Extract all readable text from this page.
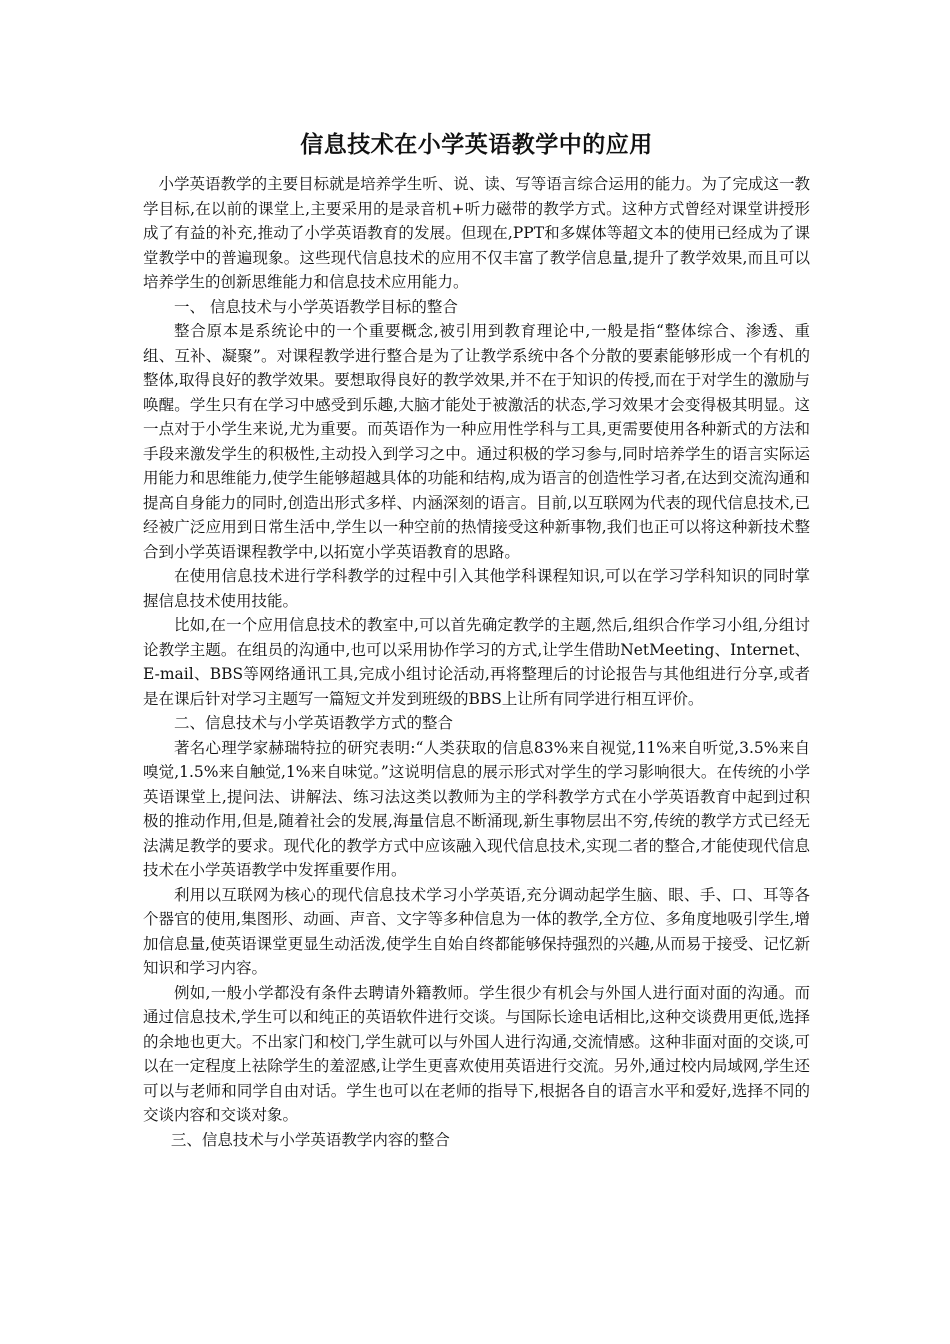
信息技术在小学英语教学中的应用

小学英语教学的主要目标就是培养学生听、说、读、写等语言综合运用的能力。为了完成这一教学目标,在以前的课堂上,主要采用的是录音机+听力磁带的教学方式。这种方式曾经对课堂讲授形成了有益的补充,推动了小学英语教育的发展。但现在,PPT和多媒体等超文本的使用已经成为了课堂教学中的普遍现象。这些现代信息技术的应用不仅丰富了教学信息量,提升了教学效果,而且可以培养学生的创新思维能力和信息技术应用能力。

一、 信息技术与小学英语教学目标的整合

整合原本是系统论中的一个重要概念,被引用到教育理论中,一般是指“整体综合、渗透、重组、互补、凝聚”。对课程教学进行整合是为了让教学系统中各个分散的要素能够形成一个有机的整体,取得良好的教学效果。要想取得良好的教学效果,并不在于知识的传授,而在于对学生的激励与唤醒。学生只有在学习中感受到乐趣,大脑才能处于被激活的状态,学习效果才会变得极其明显。这一点对于小学生来说,尤为重要。而英语作为一种应用性学科与工具,更需要使用各种新式的方法和手段来激发学生的积极性,主动投入到学习之中。通过积极的学习参与,同时培养学生的语言实际运用能力和思维能力,使学生能够超越具体的功能和结构,成为语言的创造性学习者,在达到交流沟通和提高自身能力的同时,创造出形式多样、内涵深刻的语言。目前,以互联网为代表的现代信息技术,已经被广泛应用到日常生活中,学生以一种空前的热情接受这种新事物,我们也正可以将这种新技术整合到小学英语课程教学中,以拓宽小学英语教育的思路。

在使用信息技术进行学科教学的过程中引入其他学科课程知识,可以在学习学科知识的同时掌握信息技术使用技能。

比如,在一个应用信息技术的教室中,可以首先确定教学的主题,然后,组织合作学习小组,分组讨论教学主题。在组员的沟通中,也可以采用协作学习的方式,让学生借助NetMeeting、Internet、E-mail、BBS等网络通讯工具,完成小组讨论活动,再将整理后的讨论报告与其他组进行分享,或者是在课后针对学习主题写一篇短文并发到班级的BBS上让所有同学进行相互评价。

二、信息技术与小学英语教学方式的整合

著名心理学家赫瑞特拉的研究表明:“人类获取的信息83%来自视觉,11%来自听觉,3.5%来自嗅觉,1.5%来自触觉,1%来自味觉。”这说明信息的展示形式对学生的学习影响很大。在传统的小学英语课堂上,提问法、讲解法、练习法这类以教师为主的学科教学方式在小学英语教育中起到过积极的推动作用,但是,随着社会的发展,海量信息不断涌现,新生事物层出不穷,传统的教学方式已经无法满足教学的要求。现代化的教学方式中应该融入现代信息技术,实现二者的整合,才能使现代信息技术在小学英语教学中发挥重要作用。

利用以互联网为核心的现代信息技术学习小学英语,充分调动起学生脑、眼、手、口、耳等各个器官的使用,集图形、动画、声音、文字等多种信息为一体的教学,全方位、多角度地吸引学生,增加信息量,使英语课堂更显生动活泼,使学生自始自终都能够保持强烈的兴趣,从而易于接受、记忆新知识和学习内容。

例如,一般小学都没有条件去聘请外籍教师。学生很少有机会与外国人进行面对面的沟通。而通过信息技术,学生可以和纯正的英语软件进行交谈。与国际长途电话相比,这种交谈费用更低,选择的余地也更大。不出家门和校门,学生就可以与外国人进行沟通,交流情感。这种非面对面的交谈,可以在一定程度上祛除学生的羞涩感,让学生更喜欢使用英语进行交流。另外,通过校内局域网,学生还可以与老师和同学自由对话。学生也可以在老师的指导下,根据各自的语言水平和爱好,选择不同的交谈内容和交谈对象。

三、信息技术与小学英语教学内容的整合
